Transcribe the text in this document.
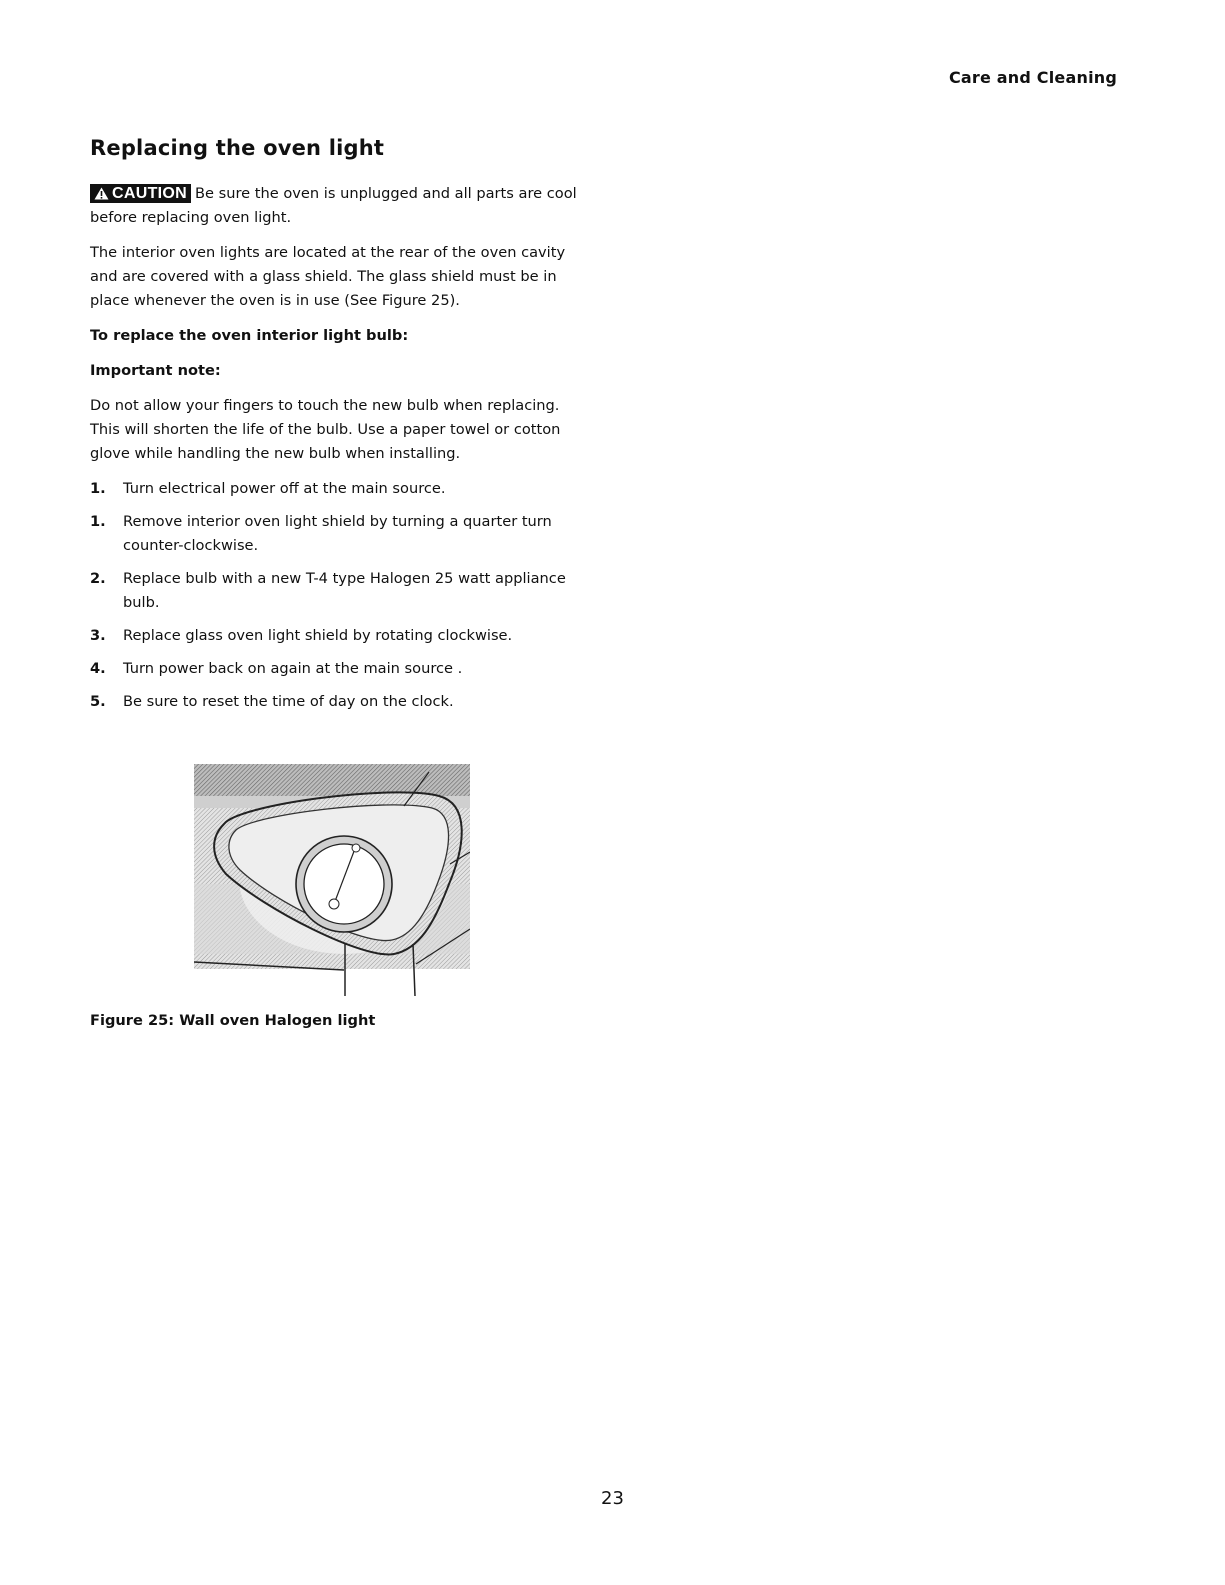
Care and Cleaning
Replacing the oven light

CAUTION Be sure the oven is unplugged and all parts are cool before replacing oven light.

The interior oven lights are located at the rear of the oven cavity and are covered with a glass shield. The glass shield must be in place whenever the oven is in use (See Figure 25).

To replace the oven interior light bulb:
Important note:

Do not allow your fingers to touch the new bulb when replacing. This will shorten the life of the bulb. Use a paper towel or cotton glove while handling the new bulb when installing.

1.	Turn electrical power off at the main source.
1.	Remove interior oven light shield by turning a quarter turn counter-clockwise.
2.	Replace bulb with a new T-4 type Halogen 25 watt appliance bulb.
3.	Replace glass oven light shield by rotating clockwise.
4.	Turn power back on again at the main source .
5.	Be sure to reset the time of day on the clock.
Figure 25: Wall oven Halogen light
23
